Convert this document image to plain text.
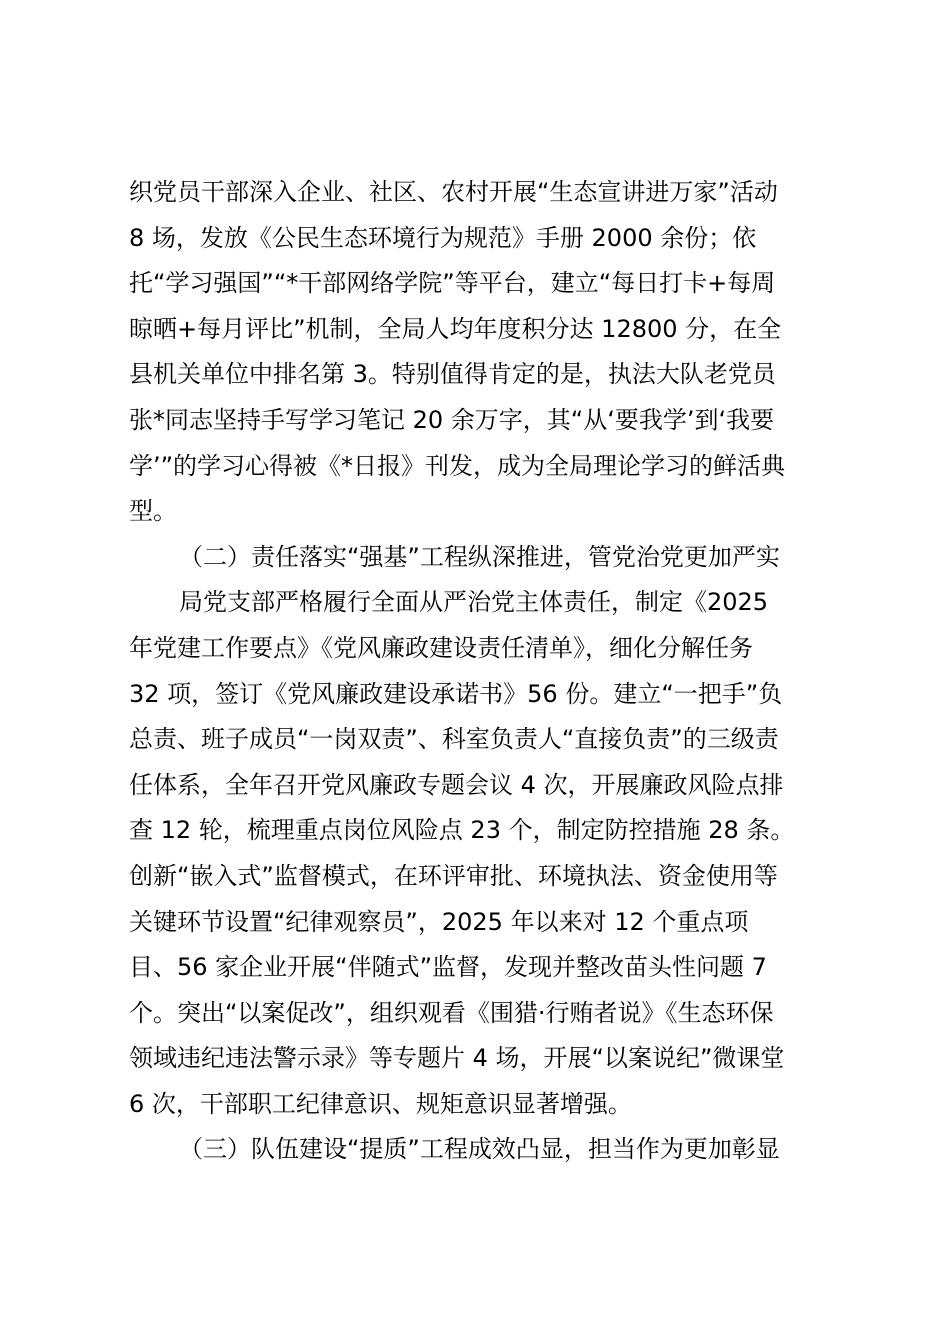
织党员干部深入企业、社区、农村开展“生态宣讲进万家”活动
8 场，发放《公民生态环境行为规范》手册 2000 余份；依
托“学习强国”“*干部网络学院”等平台，建立“每日打卡+每周
晾晒+每月评比”机制，全局人均年度积分达 12800 分，在全
县机关单位中排名第 3。特别值得肯定的是，执法大队老党员
张*同志坚持手写学习笔记 20 余万字，其“从‘要我学’到‘我要
学’”的学习心得被《*日报》刊发，成为全局理论学习的鲜活典
型。
（二）责任落实“强基”工程纵深推进，管党治党更加严实
局党支部严格履行全面从严治党主体责任，制定《2025
年党建工作要点》《党风廉政建设责任清单》，细化分解任务
32 项，签订《党风廉政建设承诺书》56 份。建立“一把手”负
总责、班子成员“一岗双责”、科室负责人“直接负责”的三级责
任体系，全年召开党风廉政专题会议 4 次，开展廉政风险点排
查 12 轮，梳理重点岗位风险点 23 个，制定防控措施 28 条。
创新“嵌入式”监督模式，在环评审批、环境执法、资金使用等
关键环节设置“纪律观察员”，2025 年以来对 12 个重点项
目、56 家企业开展“伴随式”监督，发现并整改苗头性问题 7
个。突出“以案促改”，组织观看《围猎·行贿者说》《生态环保
领域违纪违法警示录》等专题片 4 场，开展“以案说纪”微课堂
6 次，干部职工纪律意识、规矩意识显著增强。
（三）队伍建设“提质”工程成效凸显，担当作为更加彰显
